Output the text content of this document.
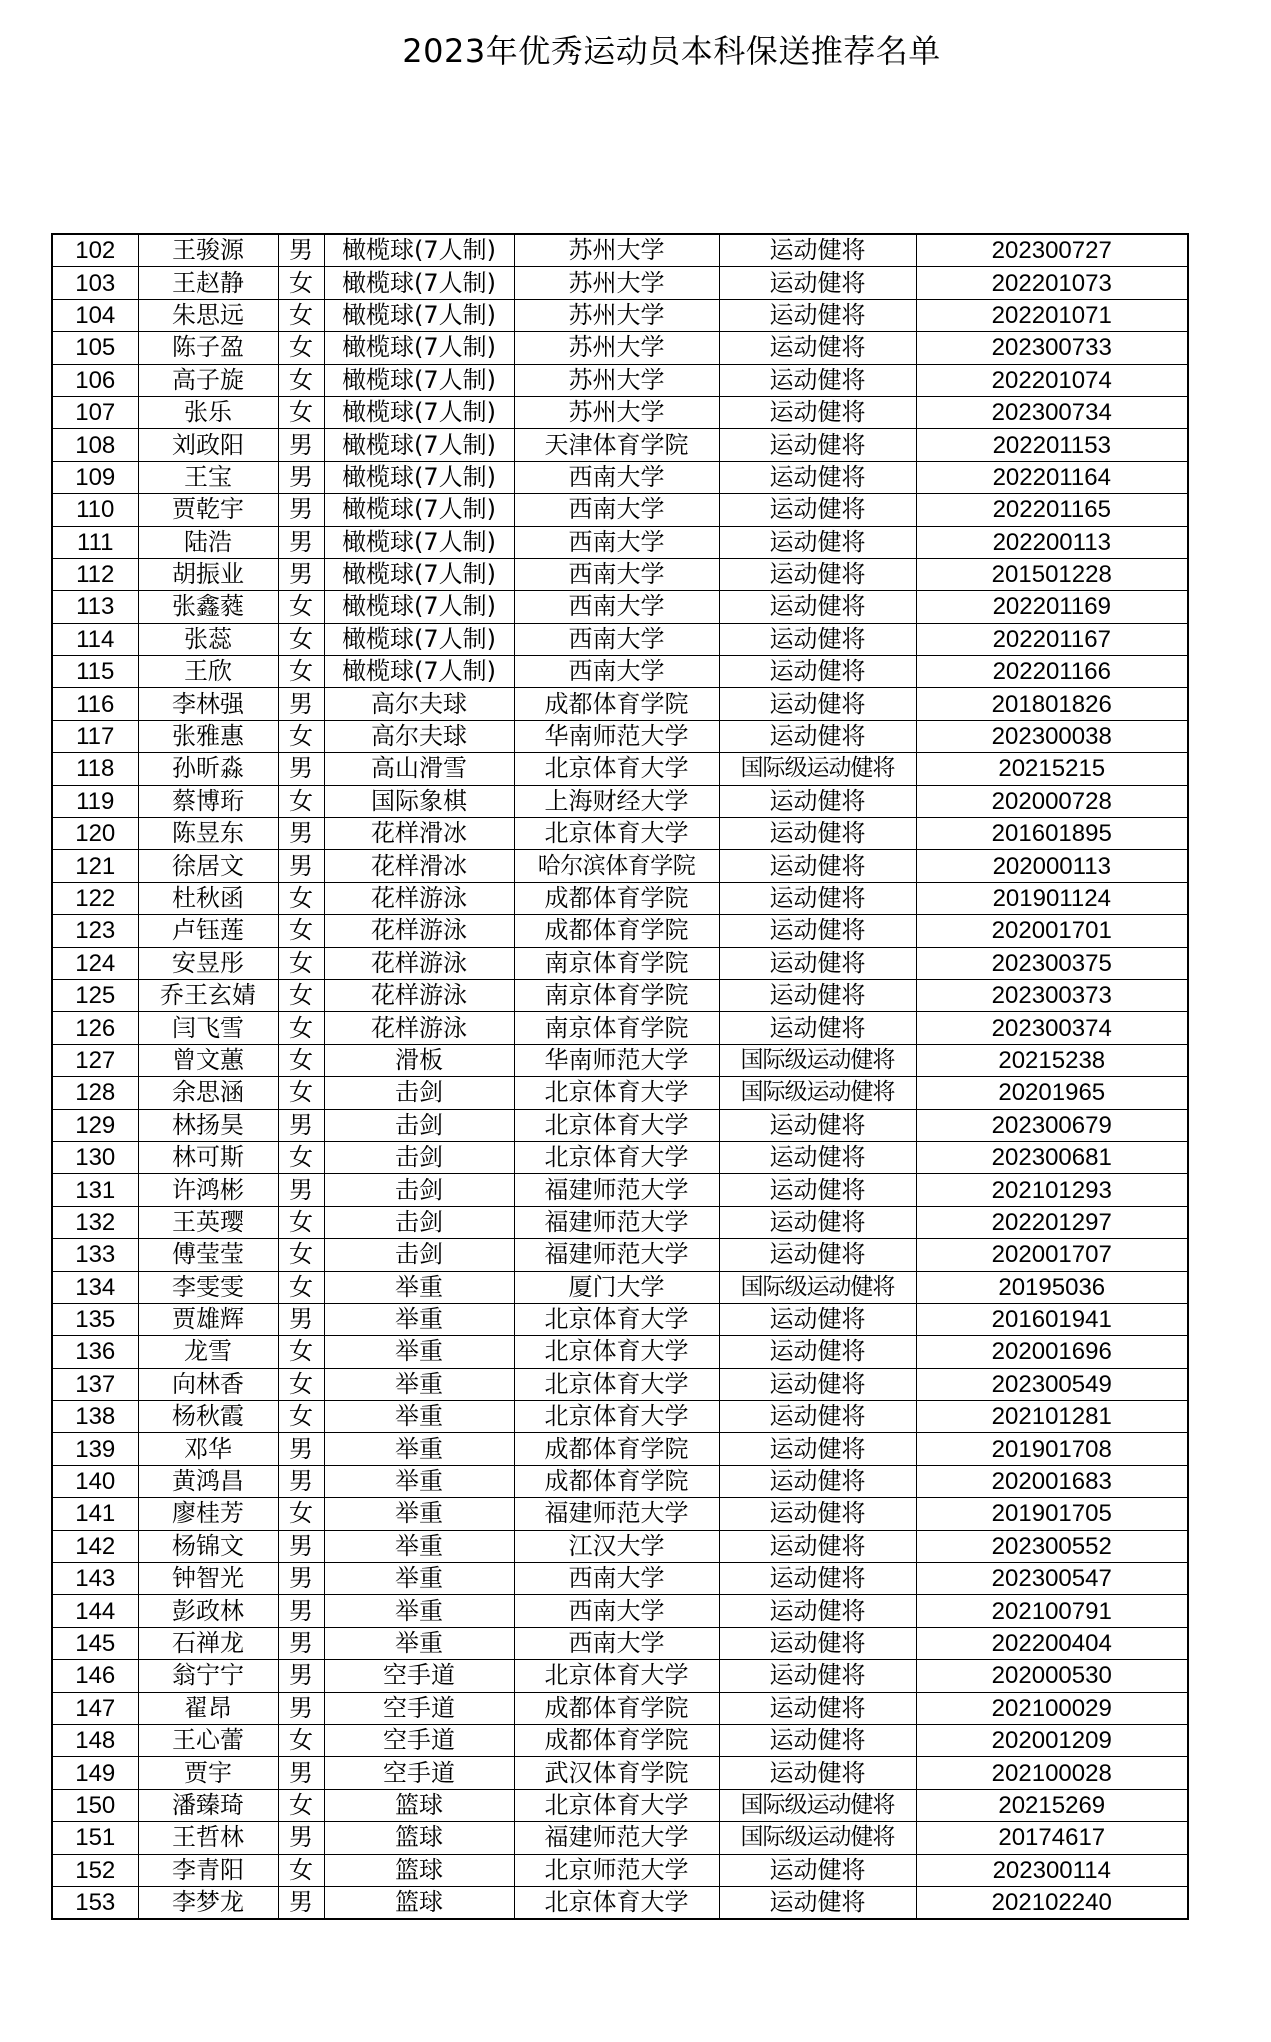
2023年优秀运动员本科保送推荐名单
102	王骏源	男	橄榄球(7人制)	苏州大学	运动健将	202300727
103	王赵静	女	橄榄球(7人制)	苏州大学	运动健将	202201073
104	朱思远	女	橄榄球(7人制)	苏州大学	运动健将	202201071
105	陈子盈	女	橄榄球(7人制)	苏州大学	运动健将	202300733
106	高子旋	女	橄榄球(7人制)	苏州大学	运动健将	202201074
107	张乐	女	橄榄球(7人制)	苏州大学	运动健将	202300734
108	刘政阳	男	橄榄球(7人制)	天津体育学院	运动健将	202201153
109	王宝	男	橄榄球(7人制)	西南大学	运动健将	202201164
110	贾乾宇	男	橄榄球(7人制)	西南大学	运动健将	202201165
111	陆浩	男	橄榄球(7人制)	西南大学	运动健将	202200113
112	胡振业	男	橄榄球(7人制)	西南大学	运动健将	201501228
113	张鑫蕤	女	橄榄球(7人制)	西南大学	运动健将	202201169
114	张蕊	女	橄榄球(7人制)	西南大学	运动健将	202201167
115	王欣	女	橄榄球(7人制)	西南大学	运动健将	202201166
116	李林强	男	高尔夫球	成都体育学院	运动健将	201801826
117	张雅惠	女	高尔夫球	华南师范大学	运动健将	202300038
118	孙昕淼	男	高山滑雪	北京体育大学	国际级运动健将	20215215
119	蔡博珩	女	国际象棋	上海财经大学	运动健将	202000728
120	陈昱东	男	花样滑冰	北京体育大学	运动健将	201601895
121	徐居文	男	花样滑冰	哈尔滨体育学院	运动健将	202000113
122	杜秋函	女	花样游泳	成都体育学院	运动健将	201901124
123	卢钰莲	女	花样游泳	成都体育学院	运动健将	202001701
124	安昱彤	女	花样游泳	南京体育学院	运动健将	202300375
125	乔王玄婧	女	花样游泳	南京体育学院	运动健将	202300373
126	闫飞雪	女	花样游泳	南京体育学院	运动健将	202300374
127	曾文蕙	女	滑板	华南师范大学	国际级运动健将	20215238
128	余思涵	女	击剑	北京体育大学	国际级运动健将	20201965
129	林扬昊	男	击剑	北京体育大学	运动健将	202300679
130	林可斯	女	击剑	北京体育大学	运动健将	202300681
131	许鸿彬	男	击剑	福建师范大学	运动健将	202101293
132	王英璎	女	击剑	福建师范大学	运动健将	202201297
133	傅莹莹	女	击剑	福建师范大学	运动健将	202001707
134	李雯雯	女	举重	厦门大学	国际级运动健将	20195036
135	贾雄辉	男	举重	北京体育大学	运动健将	201601941
136	龙雪	女	举重	北京体育大学	运动健将	202001696
137	向林香	女	举重	北京体育大学	运动健将	202300549
138	杨秋霞	女	举重	北京体育大学	运动健将	202101281
139	邓华	男	举重	成都体育学院	运动健将	201901708
140	黄鸿昌	男	举重	成都体育学院	运动健将	202001683
141	廖桂芳	女	举重	福建师范大学	运动健将	201901705
142	杨锦文	男	举重	江汉大学	运动健将	202300552
143	钟智光	男	举重	西南大学	运动健将	202300547
144	彭政林	男	举重	西南大学	运动健将	202100791
145	石禅龙	男	举重	西南大学	运动健将	202200404
146	翁宁宁	男	空手道	北京体育大学	运动健将	202000530
147	翟昂	男	空手道	成都体育学院	运动健将	202100029
148	王心蕾	女	空手道	成都体育学院	运动健将	202001209
149	贾宇	男	空手道	武汉体育学院	运动健将	202100028
150	潘臻琦	女	篮球	北京体育大学	国际级运动健将	20215269
151	王哲林	男	篮球	福建师范大学	国际级运动健将	20174617
152	李青阳	女	篮球	北京师范大学	运动健将	202300114
153	李梦龙	男	篮球	北京体育大学	运动健将	202102240
